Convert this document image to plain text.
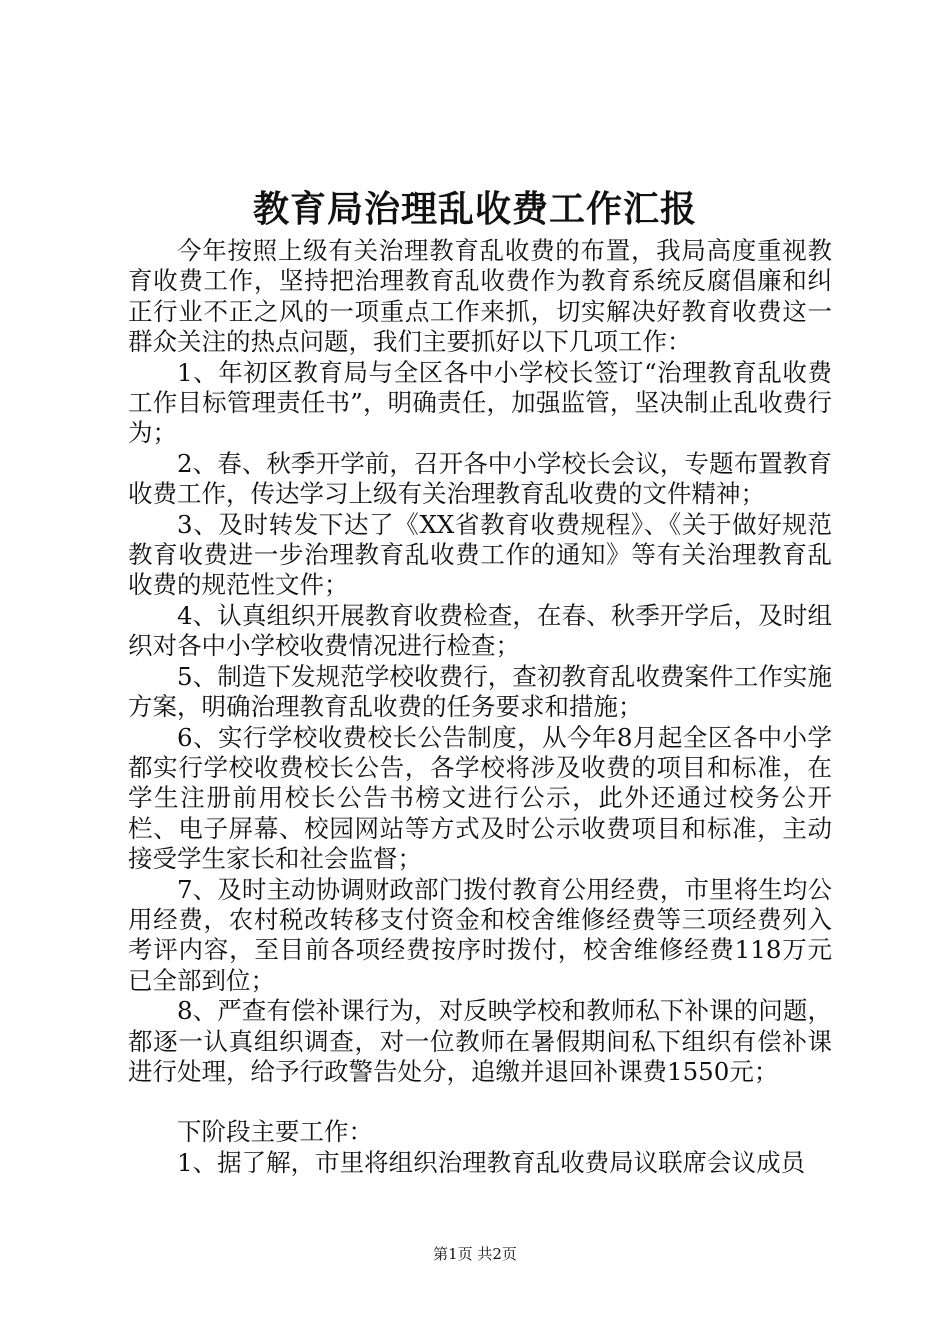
教育局治理乱收费工作汇报

今年按照上级有关治理教育乱收费的布置，我局高度重视教育收费工作，坚持把治理教育乱收费作为教育系统反腐倡廉和纠正行业不正之风的一项重点工作来抓，切实解决好教育收费这一群众关注的热点问题，我们主要抓好以下几项工作：

1、年初区教育局与全区各中小学校长签订“治理教育乱收费工作目标管理责任书”，明确责任，加强监管，坚决制止乱收费行为；

2、春、秋季开学前，召开各中小学校长会议，专题布置教育收费工作，传达学习上级有关治理教育乱收费的文件精神；

3、及时转发下达了《XX省教育收费规程》、《关于做好规范教育收费进一步治理教育乱收费工作的通知》等有关治理教育乱收费的规范性文件；

4、认真组织开展教育收费检查，在春、秋季开学后，及时组织对各中小学校收费情况进行检查；

5、制造下发规范学校收费行，查初教育乱收费案件工作实施方案，明确治理教育乱收费的任务要求和措施；

6、实行学校收费校长公告制度，从今年8月起全区各中小学都实行学校收费校长公告，各学校将涉及收费的项目和标准，在学生注册前用校长公告书榜文进行公示，此外还通过校务公开栏、电子屏幕、校园网站等方式及时公示收费项目和标准，主动接受学生家长和社会监督；

7、及时主动协调财政部门拨付教育公用经费，市里将生均公用经费，农村税改转移支付资金和校舍维修经费等三项经费列入考评内容，至目前各项经费按序时拨付，校舍维修经费118万元已全部到位；

8、严查有偿补课行为，对反映学校和教师私下补课的问题，都逐一认真组织调查，对一位教师在暑假期间私下组织有偿补课进行处理，给予行政警告处分，追缴并退回补课费1550元；

下阶段主要工作：

1、据了解，市里将组织治理教育乱收费局议联席会议成员

第1页 共2页
